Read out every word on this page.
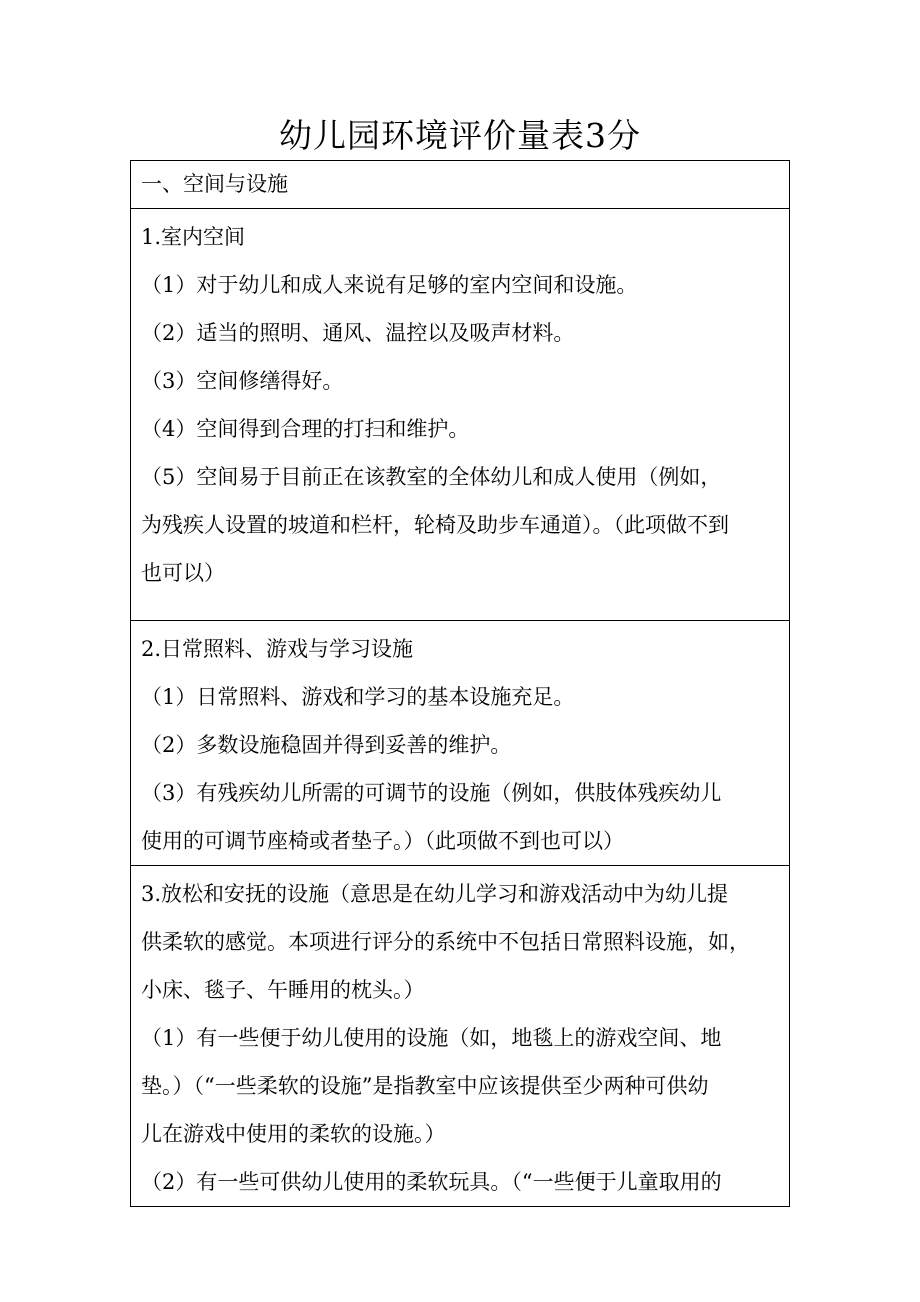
幼儿园环境评价量表3分
一、空间与设施

1.室内空间
（1）对于幼儿和成人来说有足够的室内空间和设施。
（2）适当的照明、通风、温控以及吸声材料。
（3）空间修缮得好。
（4）空间得到合理的打扫和维护。
（5）空间易于目前正在该教室的全体幼儿和成人使用（例如，
为残疾人设置的坡道和栏杆，轮椅及助步车通道）。（此项做不到
也可以）

2.日常照料、游戏与学习设施
（1）日常照料、游戏和学习的基本设施充足。
（2）多数设施稳固并得到妥善的维护。
（3）有残疾幼儿所需的可调节的设施（例如，供肢体残疾幼儿
使用的可调节座椅或者垫子。）（此项做不到也可以）

3.放松和安抚的设施（意思是在幼儿学习和游戏活动中为幼儿提
供柔软的感觉。本项进行评分的系统中不包括日常照料设施，如，
小床、毯子、午睡用的枕头。）
（1）有一些便于幼儿使用的设施（如，地毯上的游戏空间、地
垫。）（“一些柔软的设施”是指教室中应该提供至少两种可供幼
儿在游戏中使用的柔软的设施。）
（2）有一些可供幼儿使用的柔软玩具。（“一些便于儿童取用的
